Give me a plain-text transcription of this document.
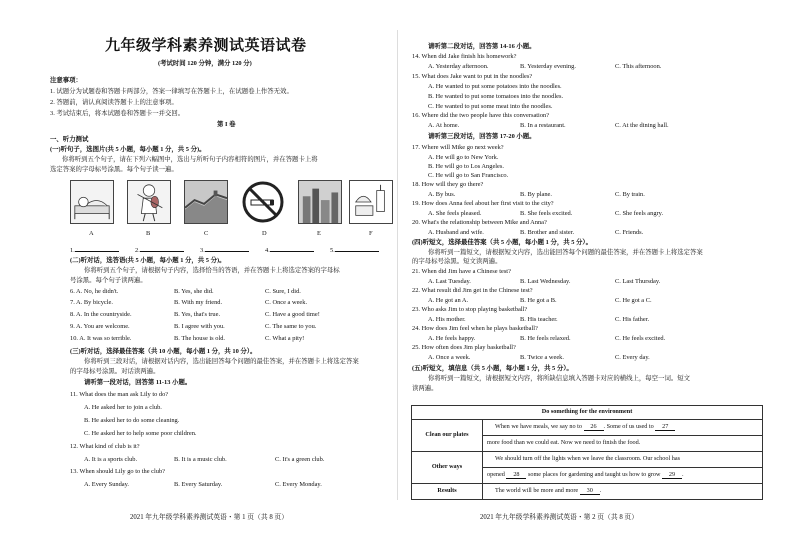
九年级学科素养测试英语试卷
(考试时间 120 分钟，满分 120 分)
注意事项：
1. 试题分为试题卷和答题卡两部分，答案一律填写在答题卡上，在试题卷上作答无效。
2. 答题前，请认真阅读答题卡上的注意事项。
3. 考试结束后，将本试题卷和答题卡一并交回。
第 I 卷
一、听力测试
(一)听句子，选图片(共 5 小题，每小题 1 分，共 5 分)。
你将听到五个句子，请在下列六幅图中，选出与所听句子内容相符的图片，并在答题卡上将
选定答案的字母标号涂黑。每个句子读一遍。
A	B	C	D	E	F
1.	2.	3.	4.	5.
(二)听对话，选答语(共 5 小题，每小题 1 分，共 5 分)。
你将听到五个句子，请根据句子内容，选择恰当的答语，并在答题卡上将选定答案的字母标
号涂黑。每个句子读两遍。
6. A. No, he didn't.	B. Yes, she did.	C. Sure, I did.
7. A. By bicycle.	B. With my friend.	C. Once a week.
8. A. In the countryside.	B. Yes, that's true.	C. Have a good time!
9. A. You are welcome.	B. I agree with you.	C. The same to you.
10. A. It was so terrible.	B. The house is old.	C. What a pity!
(三)听对话，选择最佳答案（共 10 小题，每小题 1 分，共 10 分）。
你将听到三段对话，请根据对话内容，选出能回答每个问题的最佳答案，并在答题卡上将选定答案
的字母标号涂黑。对话读两遍。
请听第一段对话，回答第 11-13 小题。
11. What does the man ask Lily to do?
A. He asked her to join a club.
B. He asked her to do some cleaning.
C. He asked her to help some poor children.
12. What kind of club is it?
A. It is a sports club.	B. It is a music club.	C. It's a green club.
13. When should Lily go to the club?
A. Every Sunday.	B. Every Saturday.	C. Every Monday.
2021 年九年级学科素养测试英语・第 1 页（共 8 页）
请听第二段对话，回答第 14-16 小题。
14. When did Jake finish his homework?
A. Yesterday afternoon.	B. Yesterday evening.	C. This afternoon.
15. What does Jake want to put in the noodles?
A. He wanted to put some potatoes into the noodles.
B. He wanted to put some tomatoes into the noodles.
C. He wanted to put some meat into the noodles.
16. Where did the two people have this conversation?
A. At home.	B. In a restaurant.	C. At the dining hall.
请听第三段对话，回答第 17-20 小题。
17. Where will Mike go next week?
A. He will go to New York.
B. He will go to Los Angeles.
C. He will go to San Francisco.
18. How will they go there?
A. By bus.	B. By plane.	C. By train.
19. How does Anna feel about her first visit to the city?
A. She feels pleased.	B. She feels excited.	C. She feels angry.
20. What's the relationship between Mike and Anna?
A. Husband and wife.	B. Brother and sister.	C. Friends.
(四)听短文，选择最佳答案（共 5 小题，每小题 1 分，共 5 分）。
你将听到一篇短文，请根据短文内容，选出能回答每个问题的最佳答案，并在答题卡上将选定答案
的字母标号涂黑。短文读两遍。
21. When did Jim have a Chinese test?
A. Last Tuesday.	B. Last Wednesday.	C. Last Thursday.
22. What result did Jim get in the Chinese test?
A. He got an A.	B. He got a B.	C. He got a C.
23. Who asks Jim to stop playing basketball?
A. His mother.	B. His teacher.	C. His father.
24. How does Jim feel when he plays basketball?
A. He feels happy.	B. He feels relaxed.	C. He feels excited.
25. How often does Jim play basketball?
A. Once a week.	B. Twice a week.	C. Every day.
(五)听短文，填信息（共 5 小题，每小题 1 分，共 5 分）。
你将听到一篇短文，请根据短文内容，将所缺信息填入答题卡对应的横线上，每空一词。短文
读两遍。
2021 年九年级学科素养测试英语・第 2 页（共 8 页）
Do something for the environment	
Clean our plates	When we have meals, we say no to 26 . Some of us used to 27
	more food than we could eat. Now we need to finish the food.
Other ways	We should turn off the lights when we leave the classroom. Our school has
	opened 28 some places for gardening and taught us how to grow 29 .
Results	The world will be more and more 30 .
